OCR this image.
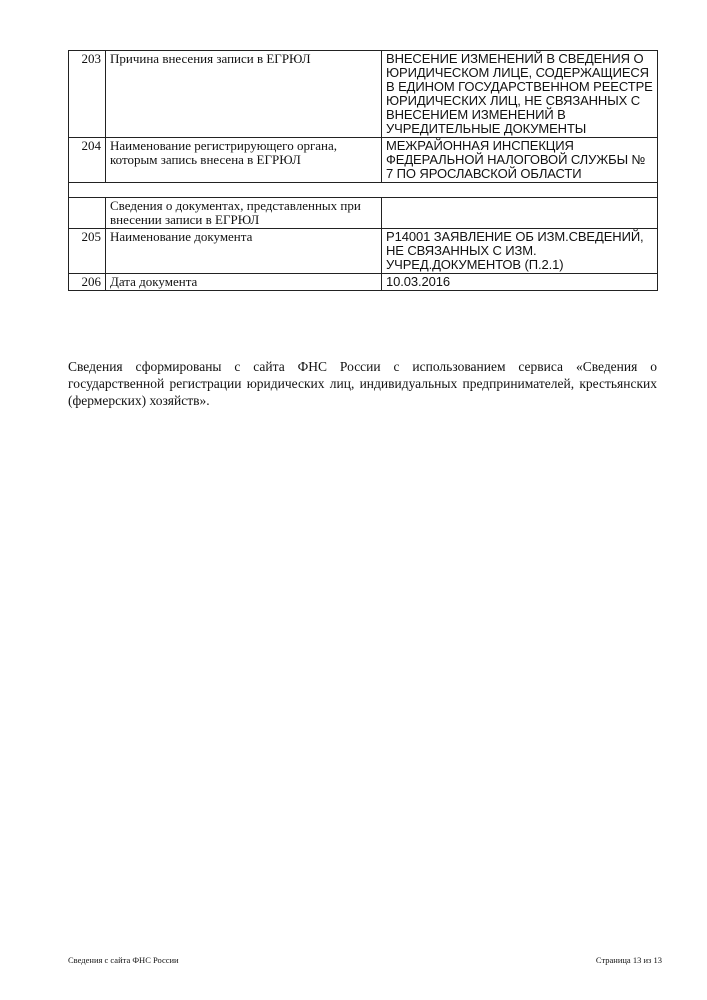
203	Причина внесения записи в ЕГРЮЛ	ВНЕСЕНИЕ ИЗМЕНЕНИЙ В СВЕДЕНИЯ О ЮРИДИЧЕСКОМ ЛИЦЕ, СОДЕРЖАЩИЕСЯ В ЕДИНОМ ГОСУДАРСТВЕННОМ РЕЕСТРЕ ЮРИДИЧЕСКИХ ЛИЦ, НЕ СВЯЗАННЫХ С ВНЕСЕНИЕМ ИЗМЕНЕНИЙ В УЧРЕДИТЕЛЬНЫЕ ДОКУМЕНТЫ
204	Наименование регистрирующего органа, которым запись внесена в ЕГРЮЛ	МЕЖРАЙОННАЯ ИНСПЕКЦИЯ ФЕДЕРАЛЬНОЙ НАЛОГОВОЙ СЛУЖБЫ № 7 ПО ЯРОСЛАВСКОЙ ОБЛАСТИ

	Сведения о документах, представленных при внесении записи в ЕГРЮЛ	
205	Наименование документа	Р14001 ЗАЯВЛЕНИЕ ОБ ИЗМ.СВЕДЕНИЙ, НЕ СВЯЗАННЫХ С ИЗМ. УЧРЕД.ДОКУМЕНТОВ (П.2.1)
206	Дата документа	10.03.2016
Сведения сформированы с сайта ФНС России с использованием сервиса «Сведения о государственной регистрации юридических лиц, индивидуальных предпринимателей, крестьянских (фермерских) хозяйств».
Сведения с сайта ФНС России	Страница 13 из 13
